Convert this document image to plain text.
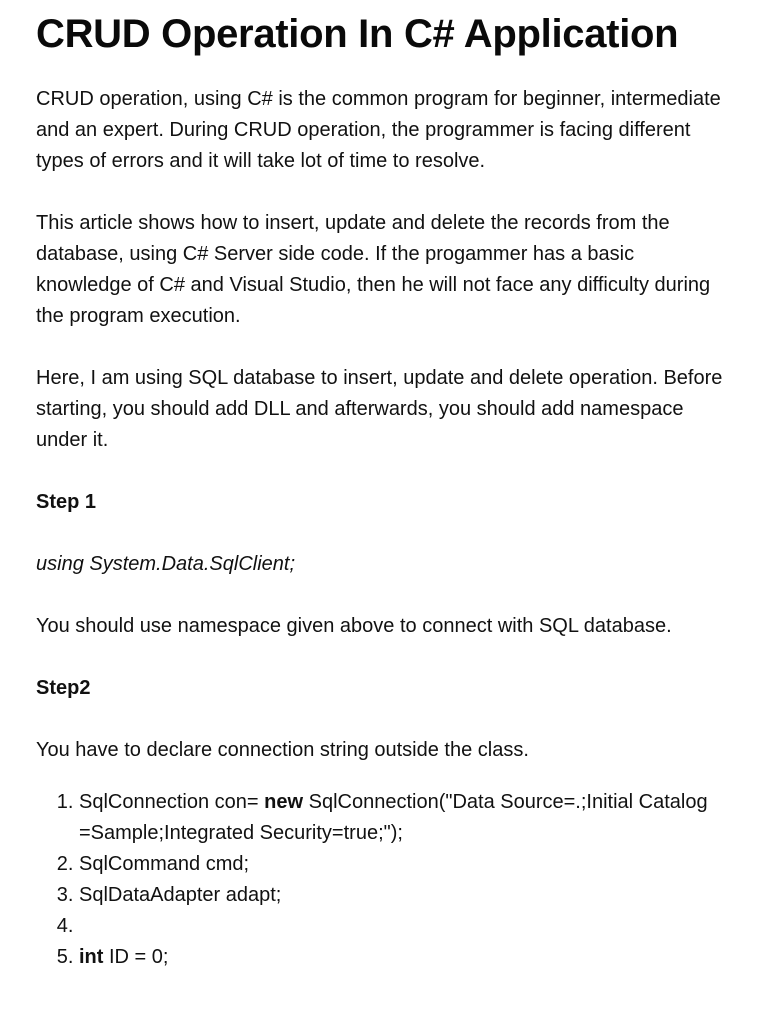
CRUD Operation In C# Application

CRUD operation, using C# is the common program for beginner, intermediate and an expert. During CRUD operation, the programmer is facing different types of errors and it will take lot of time to resolve.

This article shows how to insert, update and delete the records from the database, using C# Server side code. If the progammer has a basic knowledge of C# and Visual Studio, then he will not face any difficulty during the program execution.

Here, I am using SQL database to insert, update and delete operation. Before starting, you should add DLL and afterwards, you should add namespace under it.

Step 1

using System.Data.SqlClient;

You should use namespace given above to connect with SQL database.

Step2

You have to declare connection string outside the class.

1. SqlConnection con= new SqlConnection("Data Source=.;Initial Catalog =Sample;Integrated Security=true;");
2. SqlCommand cmd;
3. SqlDataAdapter adapt;
4.
5. int ID = 0;
